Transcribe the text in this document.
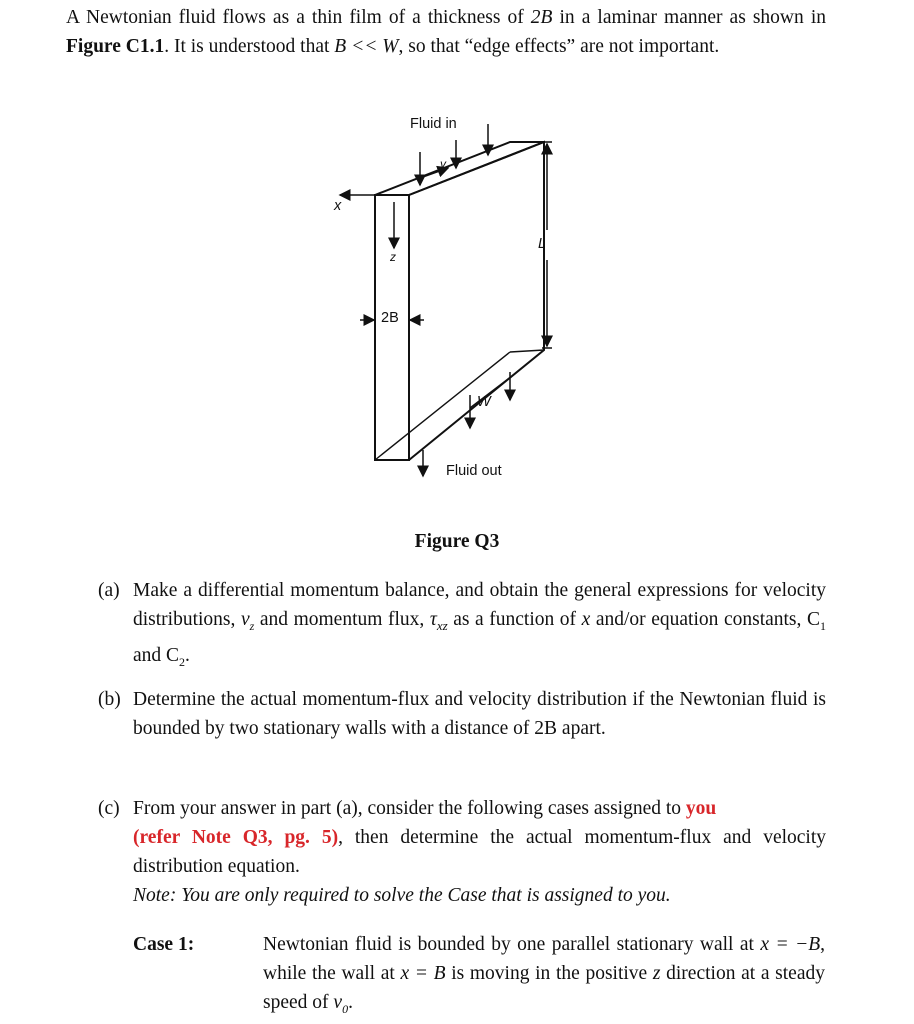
A Newtonian fluid flows as a thin film of a thickness of 2B in a laminar manner as shown in Figure C1.1. It is understood that B << W, so that “edge effects” are not important.
Fluid in
Fluid out
x
y
z
2B
L
W
Figure Q3
(a) Make a differential momentum balance, and obtain the general expressions for velocity distributions, $v_z$ and momentum flux, $\tau_{xz}$ as a function of x and/or equation constants, $C_1$ and $C_2$.
(b) Determine the actual momentum-flux and velocity distribution if the Newtonian fluid is bounded by two stationary walls with a distance of 2B apart.
(c) From your answer in part (a), consider the following cases assigned to you
(refer Note Q3, pg. 5), then determine the actual momentum-flux and velocity distribution equation.
Note: You are only required to solve the Case that is assigned to you.
Case 1:	Newtonian fluid is bounded by one parallel stationary wall at x = −B, while the wall at x = B is moving in the positive z direction at a steady speed of $v_0$.
